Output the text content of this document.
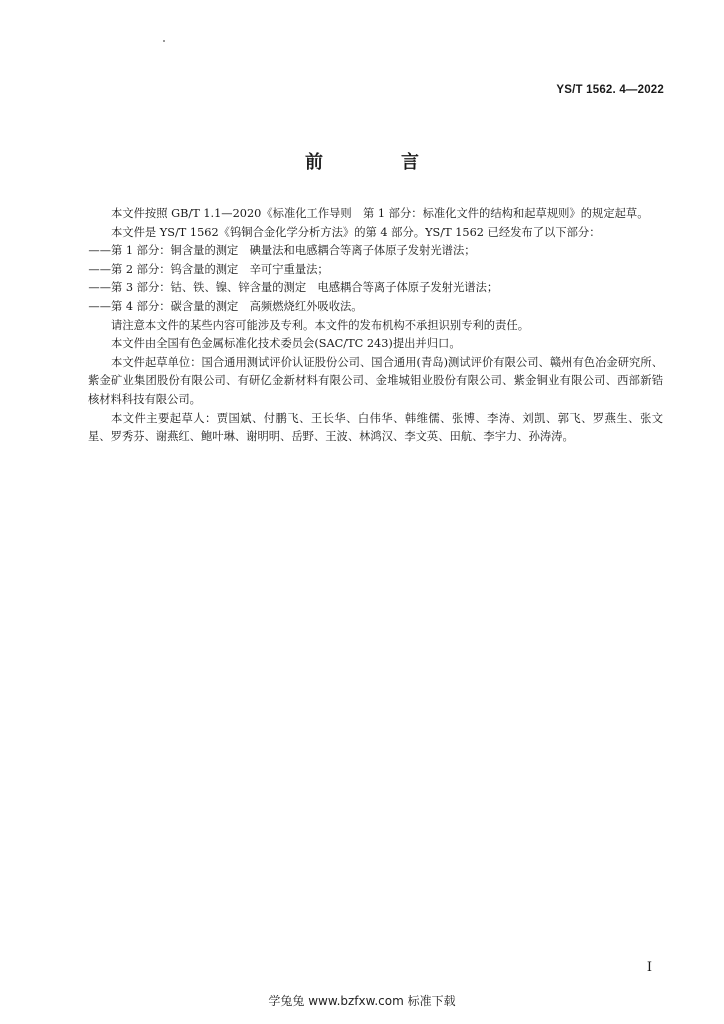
YS/T 1562. 4—2022
前　言

本文件按照 GB/T 1.1—2020《标准化工作导则　第 1 部分：标准化文件的结构和起草规则》的规定起草。

本文件是 YS/T 1562《钨铜合金化学分析方法》的第 4 部分。YS/T 1562 已经发布了以下部分：

——第 1 部分：铜含量的测定　碘量法和电感耦合等离子体原子发射光谱法；

——第 2 部分：钨含量的测定　辛可宁重量法；

——第 3 部分：钴、铁、镍、锌含量的测定　电感耦合等离子体原子发射光谱法；

——第 4 部分：碳含量的测定　高频燃烧红外吸收法。

请注意本文件的某些内容可能涉及专利。本文件的发布机构不承担识别专利的责任。

本文件由全国有色金属标准化技术委员会(SAC/TC 243)提出并归口。

本文件起草单位：国合通用测试评价认证股份公司、国合通用(青岛)测试评价有限公司、赣州有色冶金研究所、紫金矿业集团股份有限公司、有研亿金新材料有限公司、金堆城钼业股份有限公司、紫金铜业有限公司、西部新锆核材料科技有限公司。

本文件主要起草人：贾国斌、付鹏飞、王长华、白伟华、韩维儒、张博、李涛、刘凯、郭飞、罗燕生、张文星、罗秀芬、谢燕红、鲍叶琳、谢明明、岳野、王波、林鸿汉、李文英、田航、李宇力、孙涛涛。

I
学兔兔 www.bzfxw.com 标准下载
